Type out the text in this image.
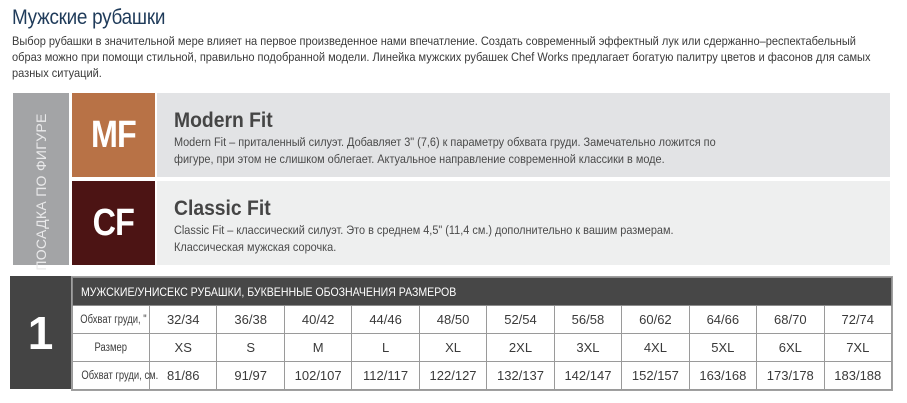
Мужские рубашки

Выбор рубашки в значительной мере влияет на первое произведенное нами впечатление. Создать современный эффектный лук или сдержанно–респектабельный

образ можно при помощи стильной, правильно подобранной модели. Линейка мужских рубашек Chef Works предлагает богатую палитру цветов и фасонов для самых

разных ситуаций.

ПОСАДКА ПО ФИГУРЕ MF Modern Fit

Modern Fit – приталенный силуэт. Добавляет 3" (7,6) к параметру обхвата груди. Замечательно ложится по

фигуре, при этом не слишком облегает. Актуальное направление современной классики в моде.

CF Classic Fit

Classic Fit – классический силуэт. Это в среднем 4,5" (11,4 см.) дополнительно к вашим размерам.

Классическая мужская сорочка.

1
МУЖСКИЕ/УНИСЕКС РУБАШКИ, БУКВЕННЫЕ ОБОЗНАЧЕНИЯ РАЗМЕРОВ											
Обхват груди, "	32/34	36/38	40/42	44/46	48/50	52/54	56/58	60/62	64/66	68/70	72/74
Размер	XS	S	M	L	XL	2XL	3XL	4XL	5XL	6XL	7XL
Обхват груди, см.	81/86	91/97	102/107	112/117	122/127	132/137	142/147	152/157	163/168	173/178	183/188
